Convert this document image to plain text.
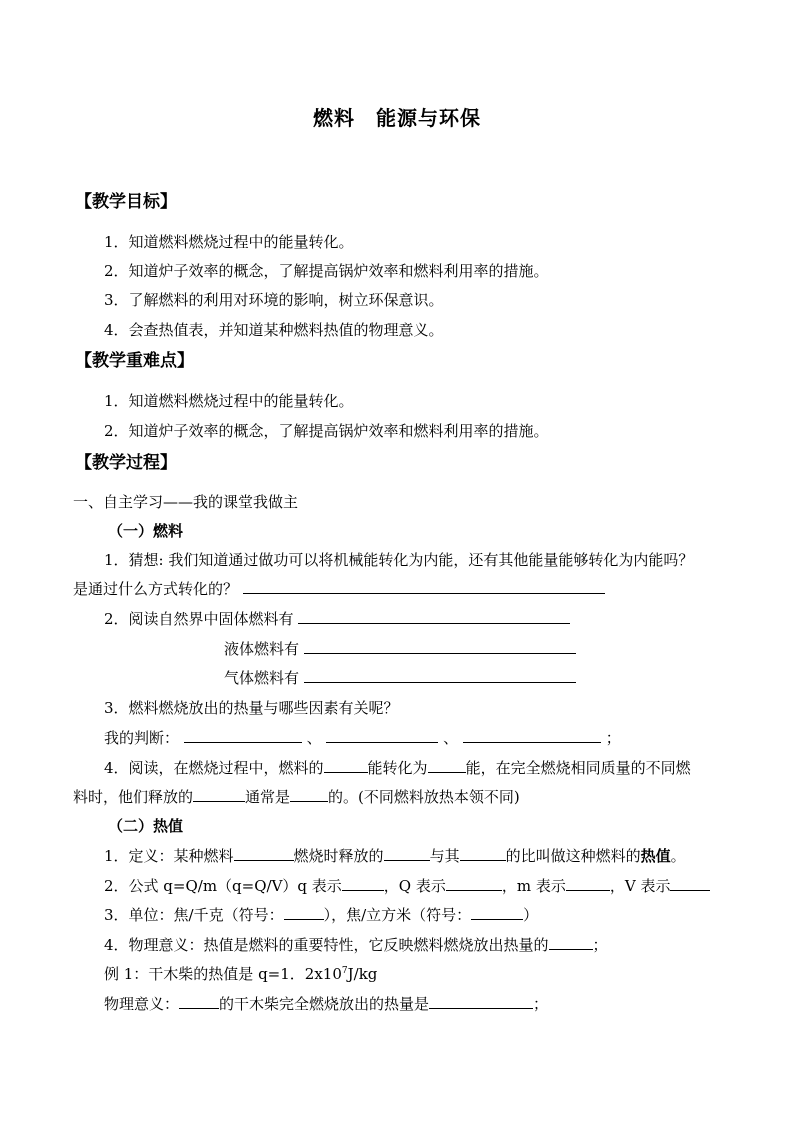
燃料　能源与环保
【教学目标】
1．知道燃料燃烧过程中的能量转化。
2．知道炉子效率的概念，了解提高锅炉效率和燃料利用率的措施。
3．了解燃料的利用对环境的影响，树立环保意识。
4．会查热值表，并知道某种燃料热值的物理意义。
【教学重难点】
1．知道燃料燃烧过程中的能量转化。
2．知道炉子效率的概念，了解提高锅炉效率和燃料利用率的措施。
【教学过程】
一、自主学习——我的课堂我做主
（一）燃料
1．猜想: 我们知道通过做功可以将机械能转化为内能，还有其他能量能够转化为内能吗？
是通过什么方式转化的？
2．阅读自然界中固体燃料有
液体燃料有
气体燃料有
3．燃料燃烧放出的热量与哪些因素有关呢？
我的判断：	、	、	；
4．阅读，在燃烧过程中，燃料的	能转化为	能，在完全燃烧相同质量的不同燃
料时，他们释放的	通常是	的。(不同燃料放热本领不同)
（二）热值
1．定义：某种燃料	燃烧时释放的	与其	的比叫做这种燃料的热值。
2．公式 q=Q/m（q=Q/V）q 表示	，Q 表示	，m 表示	，V 表示
3．单位：焦/千克（符号：	），焦/立方米（符号：	）
4．物理意义：热值是燃料的重要特性，它反映燃料燃烧放出热量的	；
例 1：干木柴的热值是 q=1．$2x10^7J/kg$
物理意义：	的干木柴完全燃烧放出的热量是	；
